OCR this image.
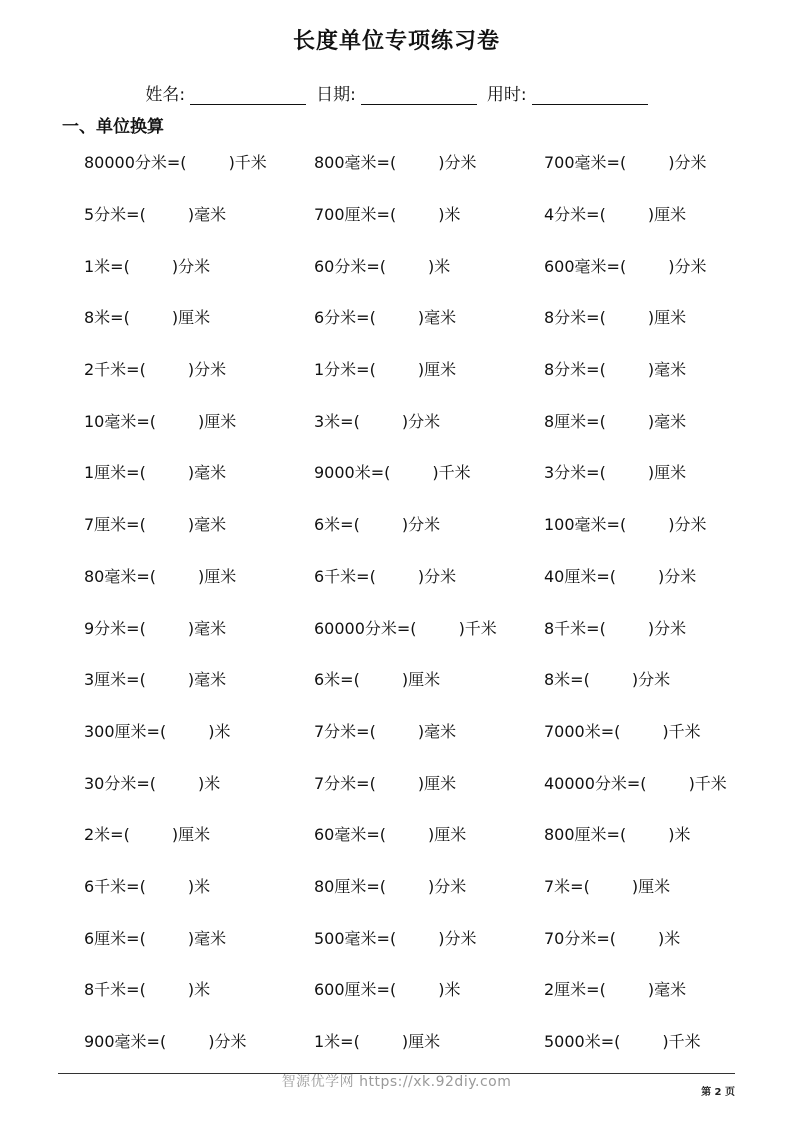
长度单位专项练习卷
姓名:	日期:	用时:
一、单位换算
80000分米=(	)千米	800毫米=(	)分米	700毫米=(	)分米
5分米=(	)毫米	700厘米=(	)米	4分米=(	)厘米
1米=(	)分米	60分米=(	)米	600毫米=(	)分米
8米=(	)厘米	6分米=(	)毫米	8分米=(	)厘米
2千米=(	)分米	1分米=(	)厘米	8分米=(	)毫米
10毫米=(	)厘米	3米=(	)分米	8厘米=(	)毫米
1厘米=(	)毫米	9000米=(	)千米	3分米=(	)厘米
7厘米=(	)毫米	6米=(	)分米	100毫米=(	)分米
80毫米=(	)厘米	6千米=(	)分米	40厘米=(	)分米
9分米=(	)毫米	60000分米=(	)千米	8千米=(	)分米
3厘米=(	)毫米	6米=(	)厘米	8米=(	)分米
300厘米=(	)米	7分米=(	)毫米	7000米=(	)千米
30分米=(	)米	7分米=(	)厘米	40000分米=(	)千米
2米=(	)厘米	60毫米=(	)厘米	800厘米=(	)米
6千米=(	)米	80厘米=(	)分米	7米=(	)厘米
6厘米=(	)毫米	500毫米=(	)分米	70分米=(	)米
8千米=(	)米	600厘米=(	)米	2厘米=(	)毫米
900毫米=(	)分米	1米=(	)厘米	5000米=(	)千米
智源优学网 https://xk.92diy.com
第 2 页
